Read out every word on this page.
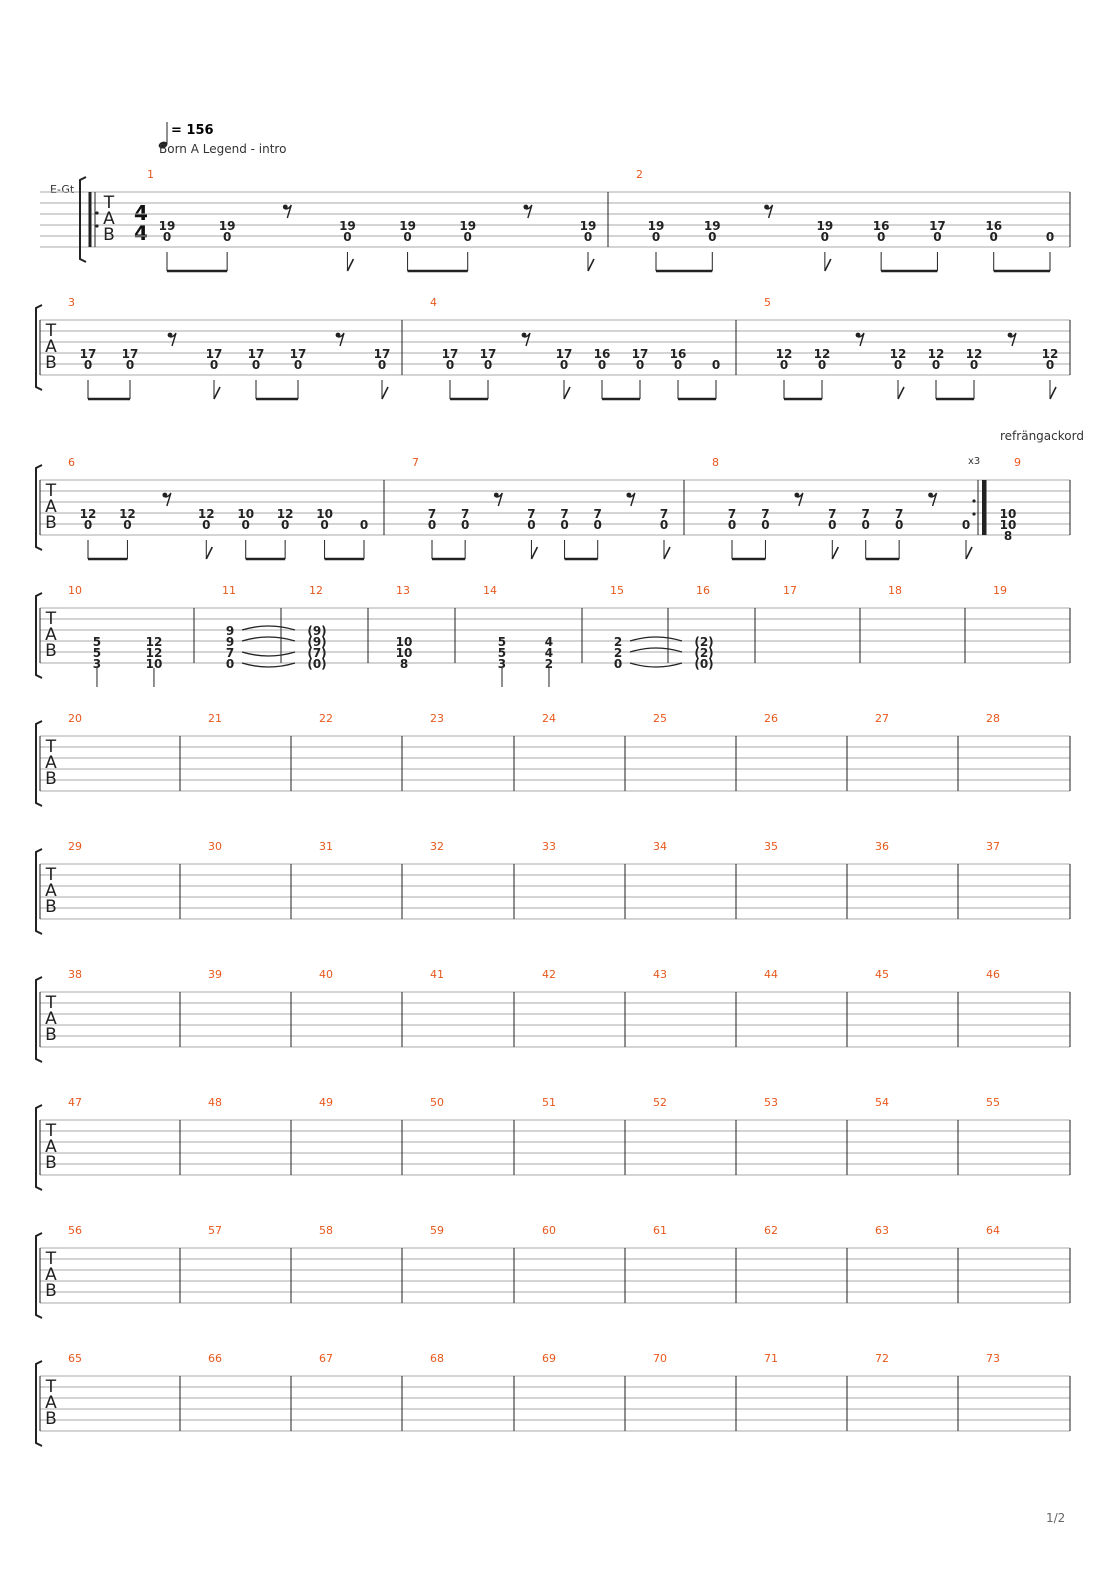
= 156
Born A Legend - intro
E-Gt
4
4
x3
refrängackord
T
A
B
1
19
0
19
0
19
0
19
0
19
0
19
0
2
19
0
19
0
19
0
16
0
17
0
16
0	0
T
A
B
3
17
0
17
0
17
0
17
0
17
0
17
0
4
17
0
17
0
17
0
16
0
17
0
16
0 0
5
12
0
12
0
12
0
12
0
12
0
12
0
T
A
B
6
12
0
12
0
12
0
10
0
12
0
10
0	0
7
7
0
7
0
7
0
7
0
7
0
7
0
8
7
0
7
0
7
0
7
0
7
0	0
9
10
10
8
T
A
B
10
5
5
3
12
12
10
11
9
9
7
0
12
(9)
(9)
(7)
(0)
13
10
10
8
14
5
5
3
4
4
2
15
2
2
0
16
(2)
(2)
(0)
17	18	19
T
A
B
20	21	22	23	24	25	26	27	28
T
A
B
29	30	31	32	33	34	35	36	37
T
A
B
38	39	40	41	42	43	44	45	46
T
A
B
47	48	49	50	51	52	53	54	55
T
A
B
56	57	58	59	60	61	62	63	64
T
A
B
65	66	67	68	69	70	71	72	73
1/2
